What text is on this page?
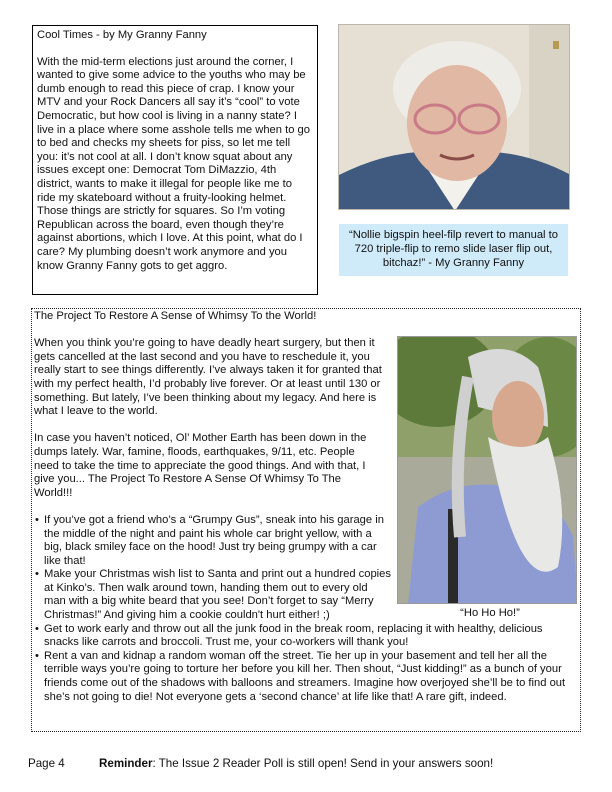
Cool Times - by My Granny Fanny

With the mid-term elections just around the corner, I wanted to give some advice to the youths who may be dumb enough to read this piece of crap. I know your MTV and your Rock Dancers all say it’s “cool” to vote Democratic, but how cool is living in a nanny state? I live in a place where some asshole tells me when to go to bed and checks my sheets for piss, so let me tell you: it’s not cool at all. I don’t know squat about any issues except one: Democrat Tom DiMazzio, 4th district, wants to make it illegal for people like me to ride my skateboard without a fruity-looking helmet. Those things are strictly for squares. So I’m voting Republican across the board, even though they’re against abortions, which I love. At this point, what do I care? My plumbing doesn’t work anymore and you know Granny Fanny gots to get aggro.

“Nollie bigspin heel-filp revert to manual to 720 triple-flip to remo slide laser flip out, bitchaz!” - My Granny Fanny

The Project To Restore A Sense of Whimsy To the World!

When you think you’re going to have deadly heart surgery, but then it gets cancelled at the last second and you have to reschedule it, you really start to see things differently. I’ve always taken it for granted that with my perfect health, I’d probably live forever. Or at least until 130 or something. But lately, I’ve been thinking about my legacy. And here is what I leave to the world.

In case you haven’t noticed, Ol’ Mother Earth has been down in the dumps lately. War, famine, floods, earthquakes, 9/11, etc. People need to take the time to appreciate the good things. And with that, I give you... The Project To Restore A Sense Of Whimsy To The World!!!

• If you’ve got a friend who’s a “Grumpy Gus”, sneak into his garage in the middle of the night and paint his whole car bright yellow, with a big, black smiley face on the hood! Just try being grumpy with a car like that!
• Make your Christmas wish list to Santa and print out a hundred copies at Kinko’s. Then walk around town, handing them out to every old man with a big white beard that you see! Don’t forget to say “Merry Christmas!” And giving him a cookie couldn't hurt either! ;)
• Get to work early and throw out all the junk food in the break room, replacing it with healthy, delicious snacks like carrots and broccoli. Trust me, your co-workers will thank you!
• Rent a van and kidnap a random woman off the street. Tie her up in your basement and tell her all the terrible ways you’re going to torture her before you kill her. Then shout, “Just kidding!” as a bunch of your friends come out of the shadows with balloons and streamers. Imagine how overjoyed she’ll be to find out she’s not going to die! Not everyone gets a ‘second chance’ at life like that! A rare gift, indeed.
“Ho Ho Ho!”
Page 4	Reminder: The Issue 2 Reader Poll is still open! Send in your answers soon!
